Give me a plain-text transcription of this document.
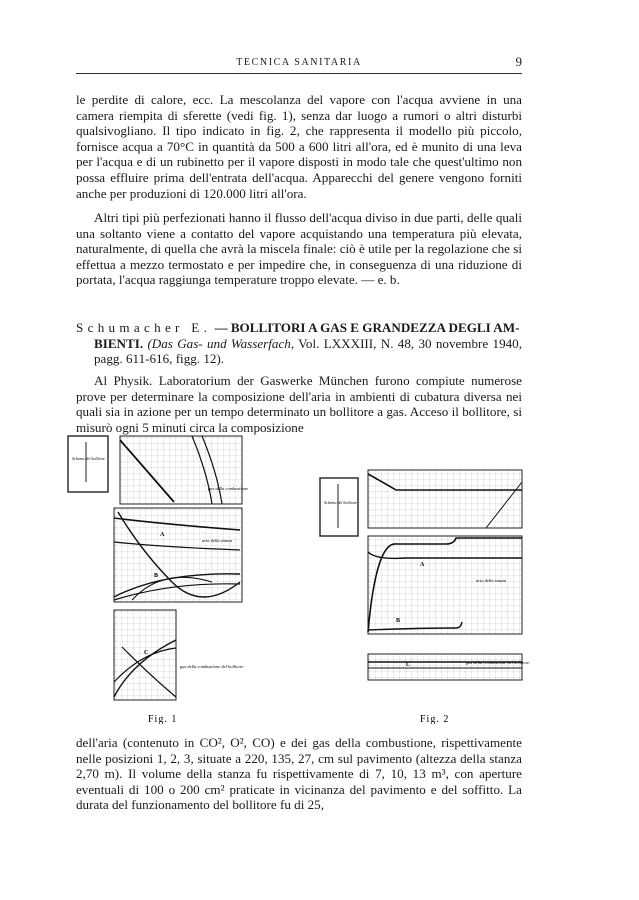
TECNICA SANITARIA	9

le perdite di calore, ecc. La mescolanza del vapore con l'acqua avviene in una camera riempita di sferette (vedi fig. 1), senza dar luogo a rumori o altri disturbi qualsivogliano. Il tipo indicato in fig. 2, che rappresenta il modello più piccolo, fornisce acqua a 70°C in quantità da 500 a 600 litri all'ora, ed è munito di una leva per l'acqua e di un rubinetto per il vapore disposti in modo tale che quest'ultimo non possa effluire prima dell'entrata dell'acqua. Apparecchi del genere vengono forniti anche per produzioni di 120.000 litri all'ora.

Altri tipi più perfezionati hanno il flusso dell'acqua diviso in due parti, delle quali una soltanto viene a contatto del vapore acquistando una temperatura più elevata, naturalmente, di quella che avrà la miscela finale: ciò è utile per la regolazione che si effettua a mezzo termostato e per impedire che, in conseguenza di una riduzione di portata, l'acqua raggiunga temperature troppo elevate. — e. b.

Schumacher E. — BOLLITORI A GAS E GRANDEZZA DEGLI AM-
BIENTI. (Das Gas- und Wasserfach, Vol. LXXXIII, N. 48, 30 novembre 1940, pagg. 611-616, figg. 12).

Al Physik. Laboratorium der Gaswerke München furono compiute numerose prove per determinare la composizione dell'aria in ambienti di cubatura diversa nei quali sia in azione per un tempo determinato un bollitore a gas. Acceso il bollitore, si misurò ogni 5 minuti circa la composizione

Schema del bollitore
gas della combustione
aria della stanza
A
B
gas della combustione del bollitore
C
Fig. 1
Schema del bollitore
aria della stanza
A
B
gas della combustione del bollitore
C
Fig. 2

dell'aria (contenuto in CO², O², CO) e dei gas della combustione, rispettivamente nelle posizioni 1, 2, 3, situate a 220, 135, 27, cm sul pavimento (altezza della stanza 2,70 m). Il volume della stanza fu rispettivamente di 7, 10, 13 m³, con aperture eventuali di 100 o 200 cm² praticate in vicinanza del pavimento e del soffitto. La durata del funzionamento del bollitore fu di 25,
